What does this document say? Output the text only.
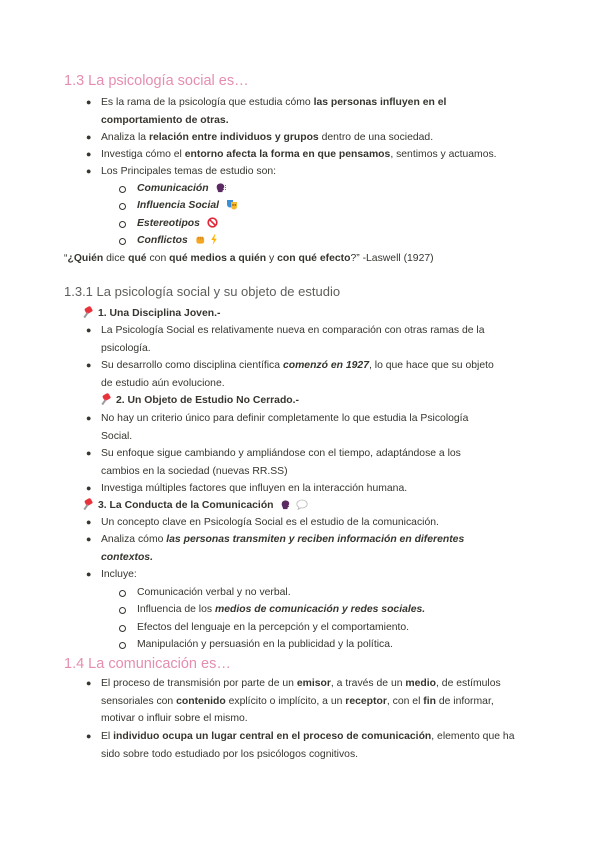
1.3 La psicología social es…
● Es la rama de la psicología que estudia cómo las personas influyen en el
comportamiento de otras.
● Analiza la relación entre individuos y grupos dentro de una sociedad.
● Investiga cómo el entorno afecta la forma en que pensamos, sentimos y actuamos.
● Los Principales temas de estudio son:
Comunicación
Influencia Social
Estereotipos
Conflictos
“¿Quién dice qué con qué medios a quién y con qué efecto?” -Laswell (1927)
1.3.1 La psicología social y su objeto de estudio
1. Una Disciplina Joven.-
● La Psicología Social es relativamente nueva en comparación con otras ramas de la
psicología.
● Su desarrollo como disciplina científica comenzó en 1927, lo que hace que su objeto
de estudio aún evolucione.
2. Un Objeto de Estudio No Cerrado.-
● No hay un criterio único para definir completamente lo que estudia la Psicología
Social.
● Su enfoque sigue cambiando y ampliándose con el tiempo, adaptándose a los
cambios en la sociedad (nuevas RR.SS)
● Investiga múltiples factores que influyen en la interacción humana.
3. La Conducta de la Comunicación
● Un concepto clave en Psicología Social es el estudio de la comunicación.
● Analiza cómo las personas transmiten y reciben información en diferentes
contextos.
● Incluye:
Comunicación verbal y no verbal.
Influencia de los medios de comunicación y redes sociales.
Efectos del lenguaje en la percepción y el comportamiento.
Manipulación y persuasión en la publicidad y la política.
1.4 La comunicación es…
● El proceso de transmisión por parte de un emisor, a través de un medio, de estímulos
sensoriales con contenido explícito o implícito, a un receptor, con el fin de informar,
motivar o influir sobre el mismo.
● El individuo ocupa un lugar central en el proceso de comunicación, elemento que ha
sido sobre todo estudiado por los psicólogos cognitivos.
